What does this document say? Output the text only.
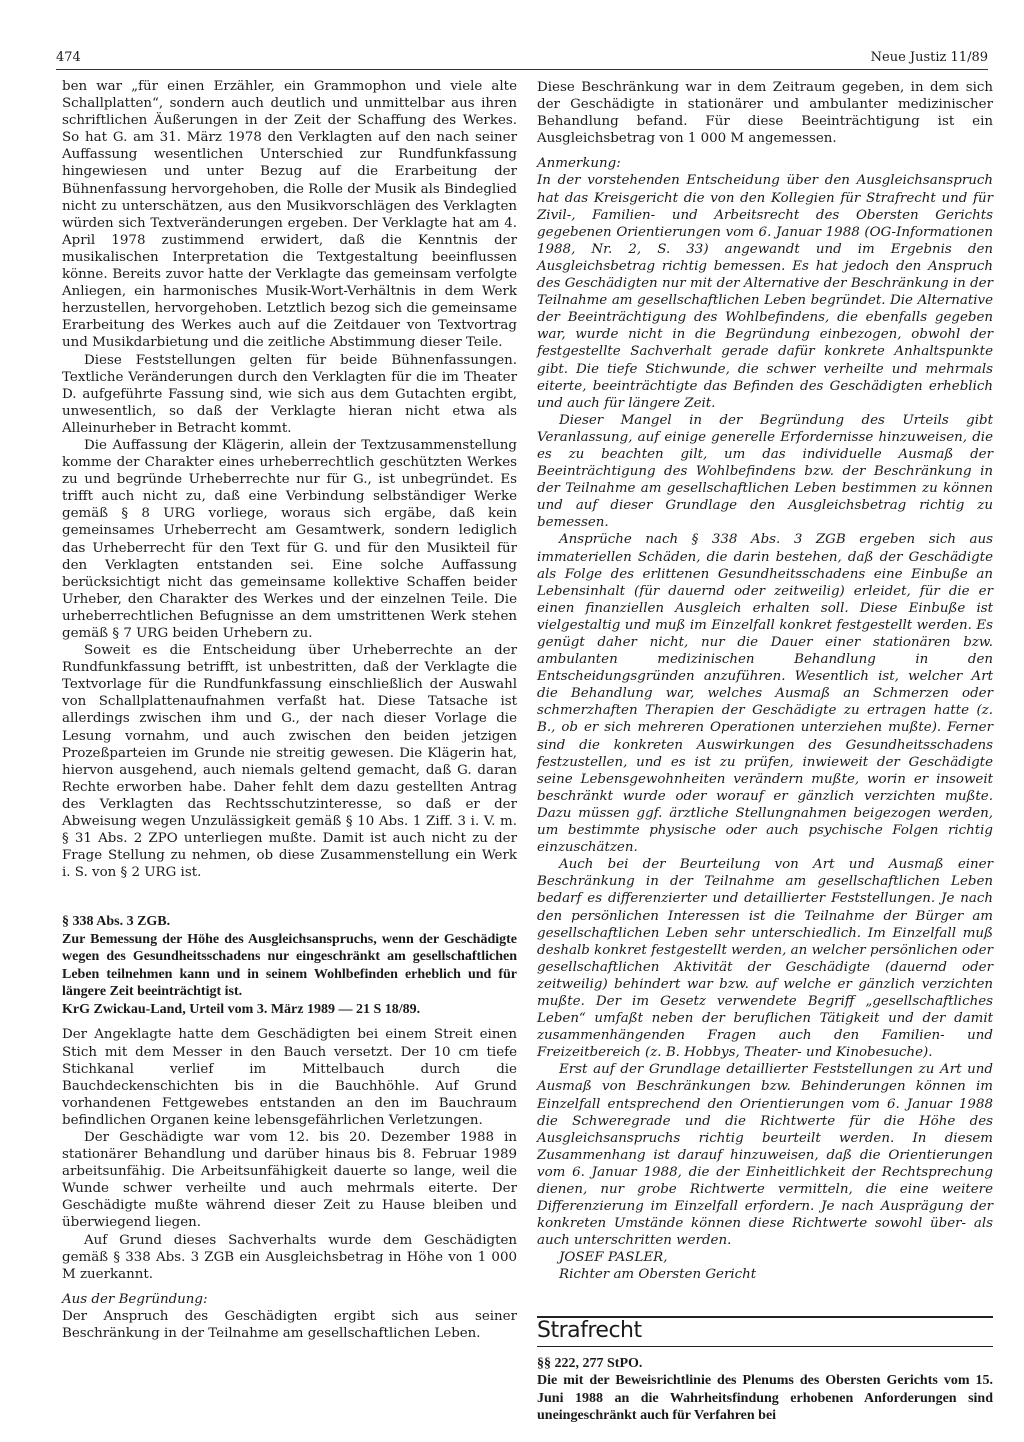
474	Neue Justiz 11/89

ben war „für einen Erzähler, ein Grammophon und viele alte Schallplatten“, sondern auch deutlich und unmittelbar aus ihren schriftlichen Äußerungen in der Zeit der Schaffung des Werkes. So hat G. am 31. März 1978 den Verklagten auf den nach seiner Auffassung wesentlichen Unterschied zur Rundfunkfassung hingewiesen und unter Bezug auf die Erarbeitung der Bühnenfassung hervorgehoben, die Rolle der Musik als Bindeglied nicht zu unterschätzen, aus den Musikvorschlägen des Verklagten würden sich Textveränderungen ergeben. Der Verklagte hat am 4. April 1978 zustimmend erwidert, daß die Kenntnis der musikalischen Interpretation die Textgestaltung beeinflussen könne. Bereits zuvor hatte der Verklagte das gemeinsam verfolgte Anliegen, ein harmonisches Musik-Wort-Verhältnis in dem Werk herzustellen, hervorgehoben. Letztlich bezog sich die gemeinsame Erarbeitung des Werkes auch auf die Zeitdauer von Textvortrag und Musikdarbietung und die zeitliche Abstimmung dieser Teile.

Diese Feststellungen gelten für beide Bühnenfassungen. Textliche Veränderungen durch den Verklagten für die im Theater D. aufgeführte Fassung sind, wie sich aus dem Gutachten ergibt, unwesentlich, so daß der Verklagte hieran nicht etwa als Alleinurheber in Betracht kommt.

Die Auffassung der Klägerin, allein der Textzusammenstellung komme der Charakter eines urheberrechtlich geschützten Werkes zu und begründe Urheberrechte nur für G., ist unbegründet. Es trifft auch nicht zu, daß eine Verbindung selbständiger Werke gemäß § 8 URG vorliege, woraus sich ergäbe, daß kein gemeinsames Urheberrecht am Gesamtwerk, sondern lediglich das Urheberrecht für den Text für G. und für den Musikteil für den Verklagten entstanden sei. Eine solche Auffassung berücksichtigt nicht das gemeinsame kollektive Schaffen beider Urheber, den Charakter des Werkes und der einzelnen Teile. Die urheberrechtlichen Befugnisse an dem umstrittenen Werk stehen gemäß § 7 URG beiden Urhebern zu.

Soweit es die Entscheidung über Urheberrechte an der Rundfunkfassung betrifft, ist unbestritten, daß der Verklagte die Textvorlage für die Rundfunkfassung einschließlich der Auswahl von Schallplattenaufnahmen verfaßt hat. Diese Tatsache ist allerdings zwischen ihm und G., der nach dieser Vorlage die Lesung vornahm, und auch zwischen den beiden jetzigen Prozeßparteien im Grunde nie streitig gewesen. Die Klägerin hat, hiervon ausgehend, auch niemals geltend gemacht, daß G. daran Rechte erworben habe. Daher fehlt dem dazu gestellten Antrag des Verklagten das Rechtsschutzinteresse, so daß er der Abweisung wegen Unzulässigkeit gemäß § 10 Abs. 1 Ziff. 3 i. V. m. § 31 Abs. 2 ZPO unterliegen mußte. Damit ist auch nicht zu der Frage Stellung zu nehmen, ob diese Zusammenstellung ein Werk i. S. von § 2 URG ist.

§ 338 Abs. 3 ZGB.

Zur Bemessung der Höhe des Ausgleichsanspruchs, wenn der Geschädigte wegen des Gesundheitsschadens nur eingeschränkt am gesellschaftlichen Leben teilnehmen kann und in seinem Wohlbefinden erheblich und für längere Zeit beeinträchtigt ist.

KrG Zwickau-Land, Urteil vom 3. März 1989 — 21 S 18/89.

Der Angeklagte hatte dem Geschädigten bei einem Streit einen Stich mit dem Messer in den Bauch versetzt. Der 10 cm tiefe Stichkanal verlief im Mittelbauch durch die Bauchdeckenschichten bis in die Bauchhöhle. Auf Grund vorhandenen Fettgewebes entstanden an den im Bauchraum befindlichen Organen keine lebensgefährlichen Verletzungen.

Der Geschädigte war vom 12. bis 20. Dezember 1988 in stationärer Behandlung und darüber hinaus bis 8. Februar 1989 arbeitsunfähig. Die Arbeitsunfähigkeit dauerte so lange, weil die Wunde schwer verheilte und auch mehrmals eiterte. Der Geschädigte mußte während dieser Zeit zu Hause bleiben und überwiegend liegen.

Auf Grund dieses Sachverhalts wurde dem Geschädigten gemäß § 338 Abs. 3 ZGB ein Ausgleichsbetrag in Höhe von 1 000 M zuerkannt.

Aus der Begründung:

Der Anspruch des Geschädigten ergibt sich aus seiner Beschränkung in der Teilnahme am gesellschaftlichen Leben.

Diese Beschränkung war in dem Zeitraum gegeben, in dem sich der Geschädigte in stationärer und ambulanter medizinischer Behandlung befand. Für diese Beeinträchtigung ist ein Ausgleichsbetrag von 1 000 M angemessen.

Anmerkung:

In der vorstehenden Entscheidung über den Ausgleichsanspruch hat das Kreisgericht die von den Kollegien für Strafrecht und für Zivil-, Familien- und Arbeitsrecht des Obersten Gerichts gegebenen Orientierungen vom 6. Januar 1988 (OG-Informationen 1988, Nr. 2, S. 33) angewandt und im Ergebnis den Ausgleichsbetrag richtig bemessen. Es hat jedoch den Anspruch des Geschädigten nur mit der Alternative der Beschränkung in der Teilnahme am gesellschaftlichen Leben begründet. Die Alternative der Beeinträchtigung des Wohlbefindens, die ebenfalls gegeben war, wurde nicht in die Begründung einbezogen, obwohl der festgestellte Sachverhalt gerade dafür konkrete Anhaltspunkte gibt. Die tiefe Stichwunde, die schwer verheilte und mehrmals eiterte, beeinträchtigte das Befinden des Geschädigten erheblich und auch für längere Zeit.

Dieser Mangel in der Begründung des Urteils gibt Veranlassung, auf einige generelle Erfordernisse hinzuweisen, die es zu beachten gilt, um das individuelle Ausmaß der Beeinträchtigung des Wohlbefindens bzw. der Beschränkung in der Teilnahme am gesellschaftlichen Leben bestimmen zu können und auf dieser Grundlage den Ausgleichsbetrag richtig zu bemessen.

Ansprüche nach § 338 Abs. 3 ZGB ergeben sich aus immateriellen Schäden, die darin bestehen, daß der Geschädigte als Folge des erlittenen Gesundheitsschadens eine Einbuße an Lebensinhalt (für dauernd oder zeitweilig) erleidet, für die er einen finanziellen Ausgleich erhalten soll. Diese Einbuße ist vielgestaltig und muß im Einzelfall konkret festgestellt werden. Es genügt daher nicht, nur die Dauer einer stationären bzw. ambulanten medizinischen Behandlung in den Entscheidungsgründen anzuführen. Wesentlich ist, welcher Art die Behandlung war, welches Ausmaß an Schmerzen oder schmerzhaften Therapien der Geschädigte zu ertragen hatte (z. B., ob er sich mehreren Operationen unterziehen mußte). Ferner sind die konkreten Auswirkungen des Gesundheitsschadens festzustellen, und es ist zu prüfen, inwieweit der Geschädigte seine Lebensgewohnheiten verändern mußte, worin er insoweit beschränkt wurde oder worauf er gänzlich verzichten mußte. Dazu müssen ggf. ärztliche Stellungnahmen beigezogen werden, um bestimmte physische oder auch psychische Folgen richtig einzuschätzen.

Auch bei der Beurteilung von Art und Ausmaß einer Beschränkung in der Teilnahme am gesellschaftlichen Leben bedarf es differenzierter und detaillierter Feststellungen. Je nach den persönlichen Interessen ist die Teilnahme der Bürger am gesellschaftlichen Leben sehr unterschiedlich. Im Einzelfall muß deshalb konkret festgestellt werden, an welcher persönlichen oder gesellschaftlichen Aktivität der Geschädigte (dauernd oder zeitweilig) behindert war bzw. auf welche er gänzlich verzichten mußte. Der im Gesetz verwendete Begriff „gesellschaftliches Leben“ umfaßt neben der beruflichen Tätigkeit und der damit zusammenhängenden Fragen auch den Familien- und Freizeitbereich (z. B. Hobbys, Theater- und Kinobesuche).

Erst auf der Grundlage detaillierter Feststellungen zu Art und Ausmaß von Beschränkungen bzw. Behinderungen können im Einzelfall entsprechend den Orientierungen vom 6. Januar 1988 die Schweregrade und die Richtwerte für die Höhe des Ausgleichsanspruchs richtig beurteilt werden. In diesem Zusammenhang ist darauf hinzuweisen, daß die Orientierungen vom 6. Januar 1988, die der Einheitlichkeit der Rechtsprechung dienen, nur grobe Richtwerte vermitteln, die eine weitere Differenzierung im Einzelfall erfordern. Je nach Ausprägung der konkreten Umstände können diese Richtwerte sowohl über- als auch unterschritten werden.

JOSEF PASLER,

Richter am Obersten Gericht

Strafrecht

§§ 222, 277 StPO.

Die mit der Beweisrichtlinie des Plenums des Obersten Gerichts vom 15. Juni 1988 an die Wahrheitsfindung erhobenen Anforderungen sind uneingeschränkt auch für Verfahren bei
